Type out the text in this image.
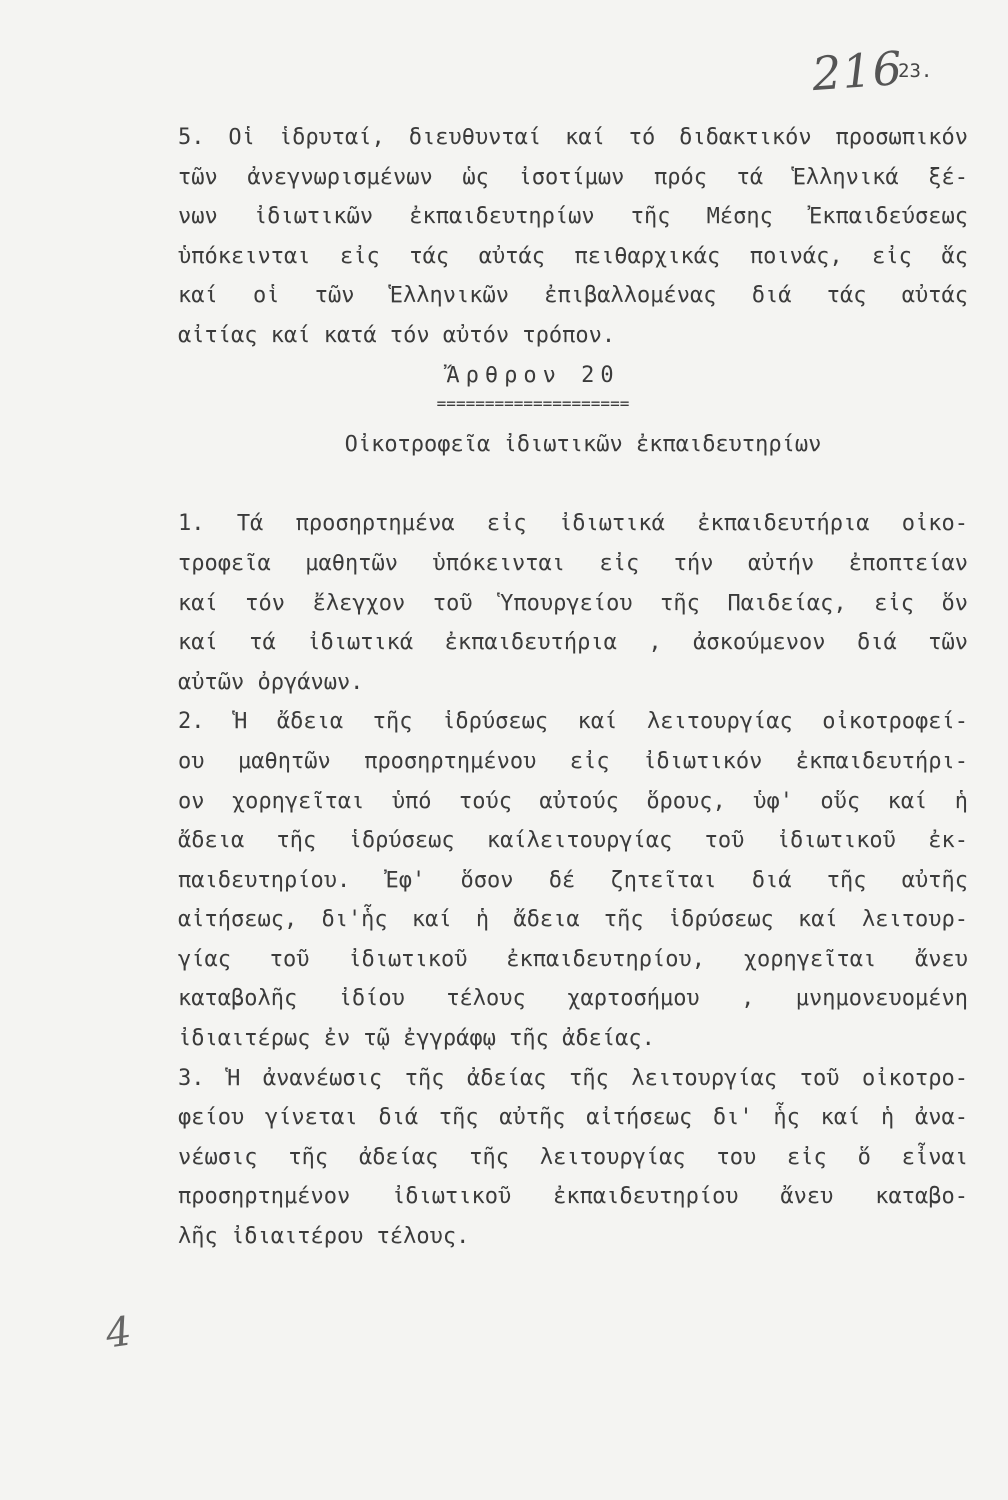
216
23.
5. Οἱ ἱδρυταί, διευθυνταί καί τό διδακτικόν προσωπικόν
τῶν ἀνεγνωρισμένων ὡς ἰσοτίμων πρός τά Ἑλληνικά ξέ-
νων ἰδιωτικῶν ἐκπαιδευτηρίων τῆς Μέσης Ἐκπαιδεύσεως
ὑπόκεινται εἰς τάς αὐτάς πειθαρχικάς ποινάς, εἰς ἅς
καί οἱ τῶν Ἑλληνικῶν ἐπιβαλλομένας διά τάς αὐτάς
αἰτίας καί κατά τόν αὐτόν τρόπον.
Ἄρθρον 20
====================
Οἰκοτροφεῖα ἰδιωτικῶν ἐκπαιδευτηρίων
1. Τά προσηρτημένα εἰς ἰδιωτικά ἐκπαιδευτήρια οἰκο-
τροφεῖα μαθητῶν ὑπόκεινται εἰς τήν αὐτήν ἐποπτείαν
καί τόν ἔλεγχον τοῦ Ὑπουργείου τῆς Παιδείας, εἰς ὅν
καί τά ἰδιωτικά ἐκπαιδευτήρια , ἀσκούμενον διά τῶν
αὐτῶν ὀργάνων.
2. Ἡ ἄδεια τῆς ἱδρύσεως καί λειτουργίας οἰκοτροφεί-
ου μαθητῶν προσηρτημένου εἰς ἰδιωτικόν ἐκπαιδευτήρι-
ον χορηγεῖται ὑπό τούς αὐτούς ὅρους, ὑφ' οὕς καί ἡ
ἄδεια τῆς ἱδρύσεως καίλειτουργίας τοῦ ἰδιωτικοῦ ἐκ-
παιδευτηρίου. Ἐφ' ὅσον δέ ζητεῖται διά τῆς αὐτῆς
αἰτήσεως, δι'ἧς καί ἡ ἄδεια τῆς ἱδρύσεως καί λειτουρ-
γίας τοῦ ἰδιωτικοῦ ἐκπαιδευτηρίου, χορηγεῖται ἄνευ
καταβολῆς ἰδίου τέλους χαρτοσήμου , μνημονευομένη
ἰδιαιτέρως ἐν τῷ ἐγγράφῳ τῆς ἀδείας.
3. Ἡ ἀνανέωσις τῆς ἀδείας τῆς λειτουργίας τοῦ οἰκοτρο-
φείου γίνεται διά τῆς αὐτῆς αἰτήσεως δι' ἧς καί ἡ ἀνα-
νέωσις τῆς ἀδείας τῆς λειτουργίας του εἰς ὅ εἶναι
προσηρτημένον ἰδιωτικοῦ ἐκπαιδευτηρίου ἄνευ καταβο-
λῆς ἰδιαιτέρου τέλους.
4
